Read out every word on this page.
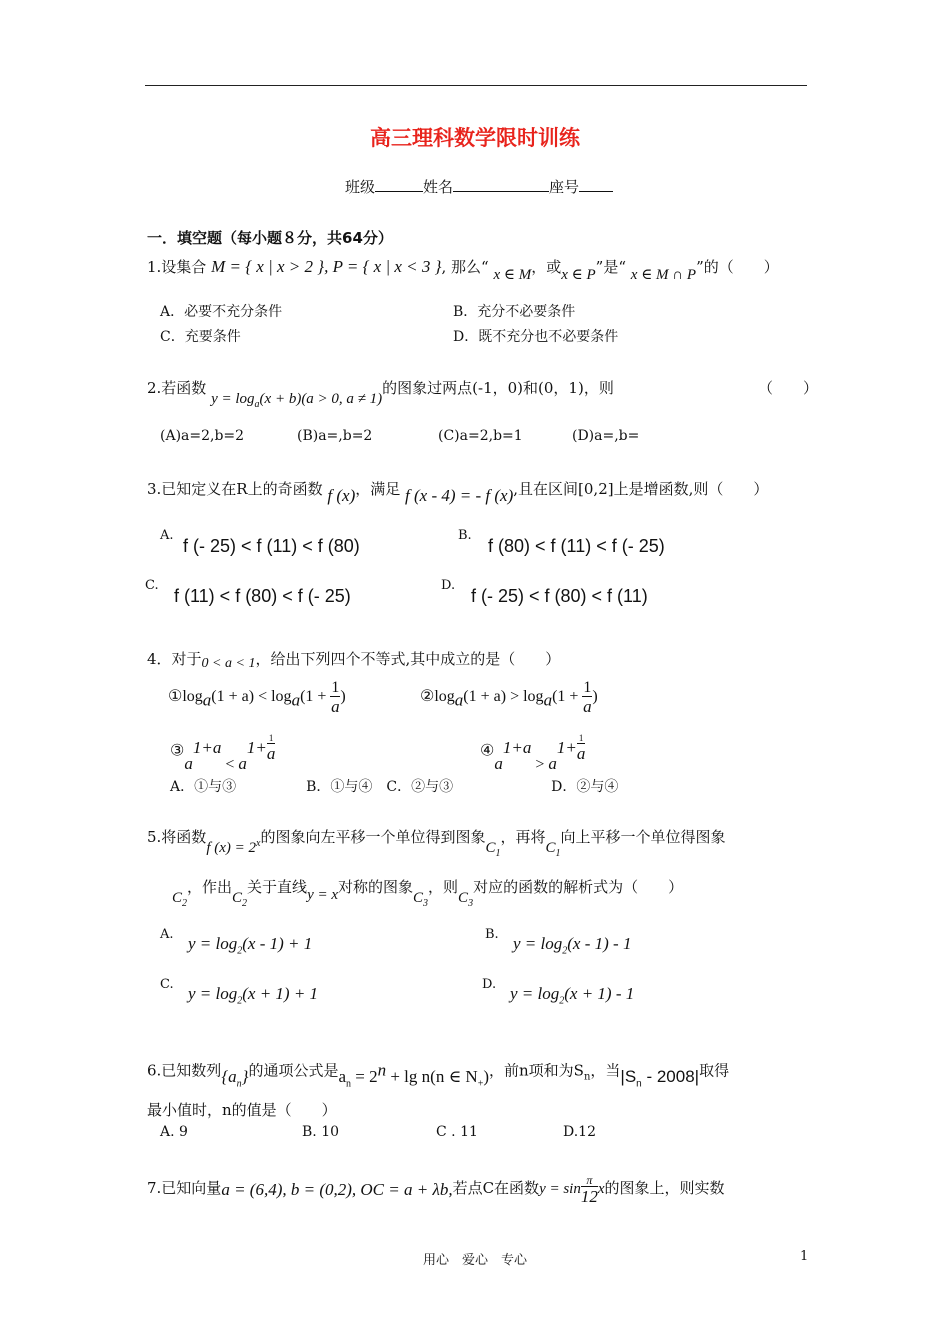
高三理科数学限时训练
班级	姓名	座号
一．填空题（每小题８分，共64分）
1.设集合 M = { x | x > 2 }, P = { x | x < 3 }, 那么“ x ∈ M，或x ∈ P”是“ x ∈ M ∩ P”的（　　）
A．必要不充分条件	B．充分不必要条件
C．充要条件	D．既不充分也不必要条件
2.若函数 $y = \log_a(x + b)(a > 0$, a ≠ 1)的图象过两点(-1，0)和(0，1)，则	（　　）
(A)a=2,b=2	(B)a=,b=2	(C)a=2,b=1	(D)a=,b=
3.已知定义在R上的奇函数 f (x)，满足 f (x - 4) = - f (x),且在区间[0,2]上是增函数,则（　　）
A.
f (- 25) < f (11) < f (80)
B.
f (80) < f (11) < f (- 25)
C.
f (11) < f (80) < f (- 25)
D.
f (- 25) < f (80) < f (11)
4．对于0 < a < 1，给出下列四个不等式,其中成立的是（　　）
$①\log_a(1 + a) < \log_a(1 + \frac{1}{a}$ )	$②\log_a(1 + a) > \log_a(1 + \frac{1}{a}$ )
$③a^{1+a} < a^{1+} \frac{1}{a}$	$④a^{1+a} > a^{1+} \frac{1}{a}$
A．①与③　　　　　B．①与④　C．②与③　　　　　　　D．②与④
5.将函数f $(x) = 2^x$的图象向左平移一个单位得到图象$C_1$，再将$C_1$向上平移一个单位得图象
$C_2$，作出$C_2$关于直线y = x对称的图象$C_3$，则$C_3$对应的函数的解析式为（　　）
A. $y = \log_2(x - 1) + 1$	B. $y = \log_2(x - 1) - 1$
C. $y = \log_2(x + 1) + 1$	D. $y = \log_2(x + 1) - 1$
6.已知数列$\{a_n\}$的通项公式是$a_n = 2^n + \lg n(n$ ∈ $N_+$)，前n项和为$S_n$，当$|S_n - 2008|$取得
最小值时，n的值是（　　）
A. 9	B. 10	C . 11	D.12
7.已知向量a = (6,4), b = (0,2), OC = a + λb,若点C在函数$y = \sin \frac{\pi}{12}$ x的图象上，则实数
用心　爱心　专心	1
